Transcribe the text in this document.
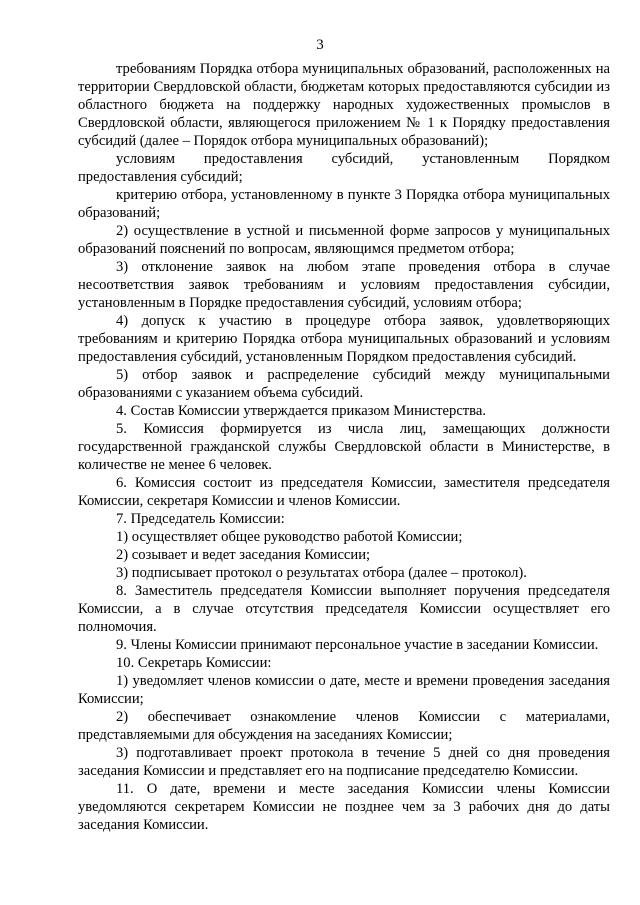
3

требованиям Порядка отбора муниципальных образований, расположенных на территории Свердловской области, бюджетам которых предоставляются субсидии из областного бюджета на поддержку народных художественных промыслов в Свердловской области, являющегося приложением № 1 к Порядку предоставления субсидий (далее – Порядок отбора муниципальных образований);

условиям предоставления субсидий, установленным Порядком предоставления субсидий;

критерию отбора, установленному в пункте 3 Порядка отбора муниципальных образований;

2) осуществление в устной и письменной форме запросов у муниципальных образований пояснений по вопросам, являющимся предметом отбора;

3) отклонение заявок на любом этапе проведения отбора в случае несоответствия заявок требованиям и условиям предоставления субсидии, установленным в Порядке предоставления субсидий, условиям отбора;

4) допуск к участию в процедуре отбора заявок, удовлетворяющих требованиям и критерию Порядка отбора муниципальных образований и условиям предоставления субсидий, установленным Порядком предоставления субсидий.

5) отбор заявок и распределение субсидий между муниципальными образованиями с указанием объема субсидий.

4. Состав Комиссии утверждается приказом Министерства.

5. Комиссия формируется из числа лиц, замещающих должности государственной гражданской службы Свердловской области в Министерстве, в количестве не менее 6 человек.

6. Комиссия состоит из председателя Комиссии, заместителя председателя Комиссии, секретаря Комиссии и членов Комиссии.

7. Председатель Комиссии:

1) осуществляет общее руководство работой Комиссии;

2) созывает и ведет заседания Комиссии;

3) подписывает протокол о результатах отбора (далее – протокол).

8. Заместитель председателя Комиссии выполняет поручения председателя Комиссии, а в случае отсутствия председателя Комиссии осуществляет его полномочия.

9. Члены Комиссии принимают персональное участие в заседании Комиссии.

10. Секретарь Комиссии:

1) уведомляет членов комиссии о дате, месте и времени проведения заседания Комиссии;

2) обеспечивает ознакомление членов Комиссии с материалами, представляемыми для обсуждения на заседаниях Комиссии;

3) подготавливает проект протокола в течение 5 дней со дня проведения заседания Комиссии и представляет его на подписание председателю Комиссии.

11. О дате, времени и месте заседания Комиссии члены Комиссии уведомляются секретарем Комиссии не позднее чем за 3 рабочих дня до даты заседания Комиссии.
